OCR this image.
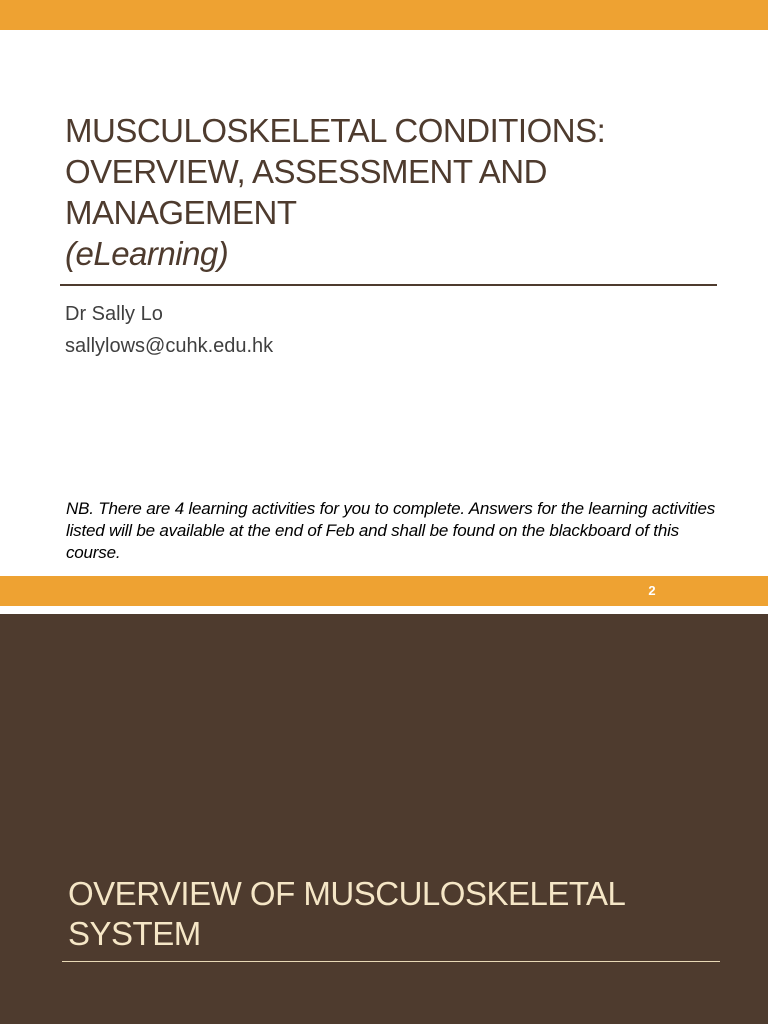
MUSCULOSKELETAL CONDITIONS:
OVERVIEW, ASSESSMENT AND
MANAGEMENT
(eLearning)
Dr Sally Lo
sallylows@cuhk.edu.hk
NB. There are 4 learning activities for you to complete. Answers for the learning activities listed will be available at the end of Feb and shall be found on the blackboard of this course.
2
OVERVIEW OF MUSCULOSKELETAL
SYSTEM
